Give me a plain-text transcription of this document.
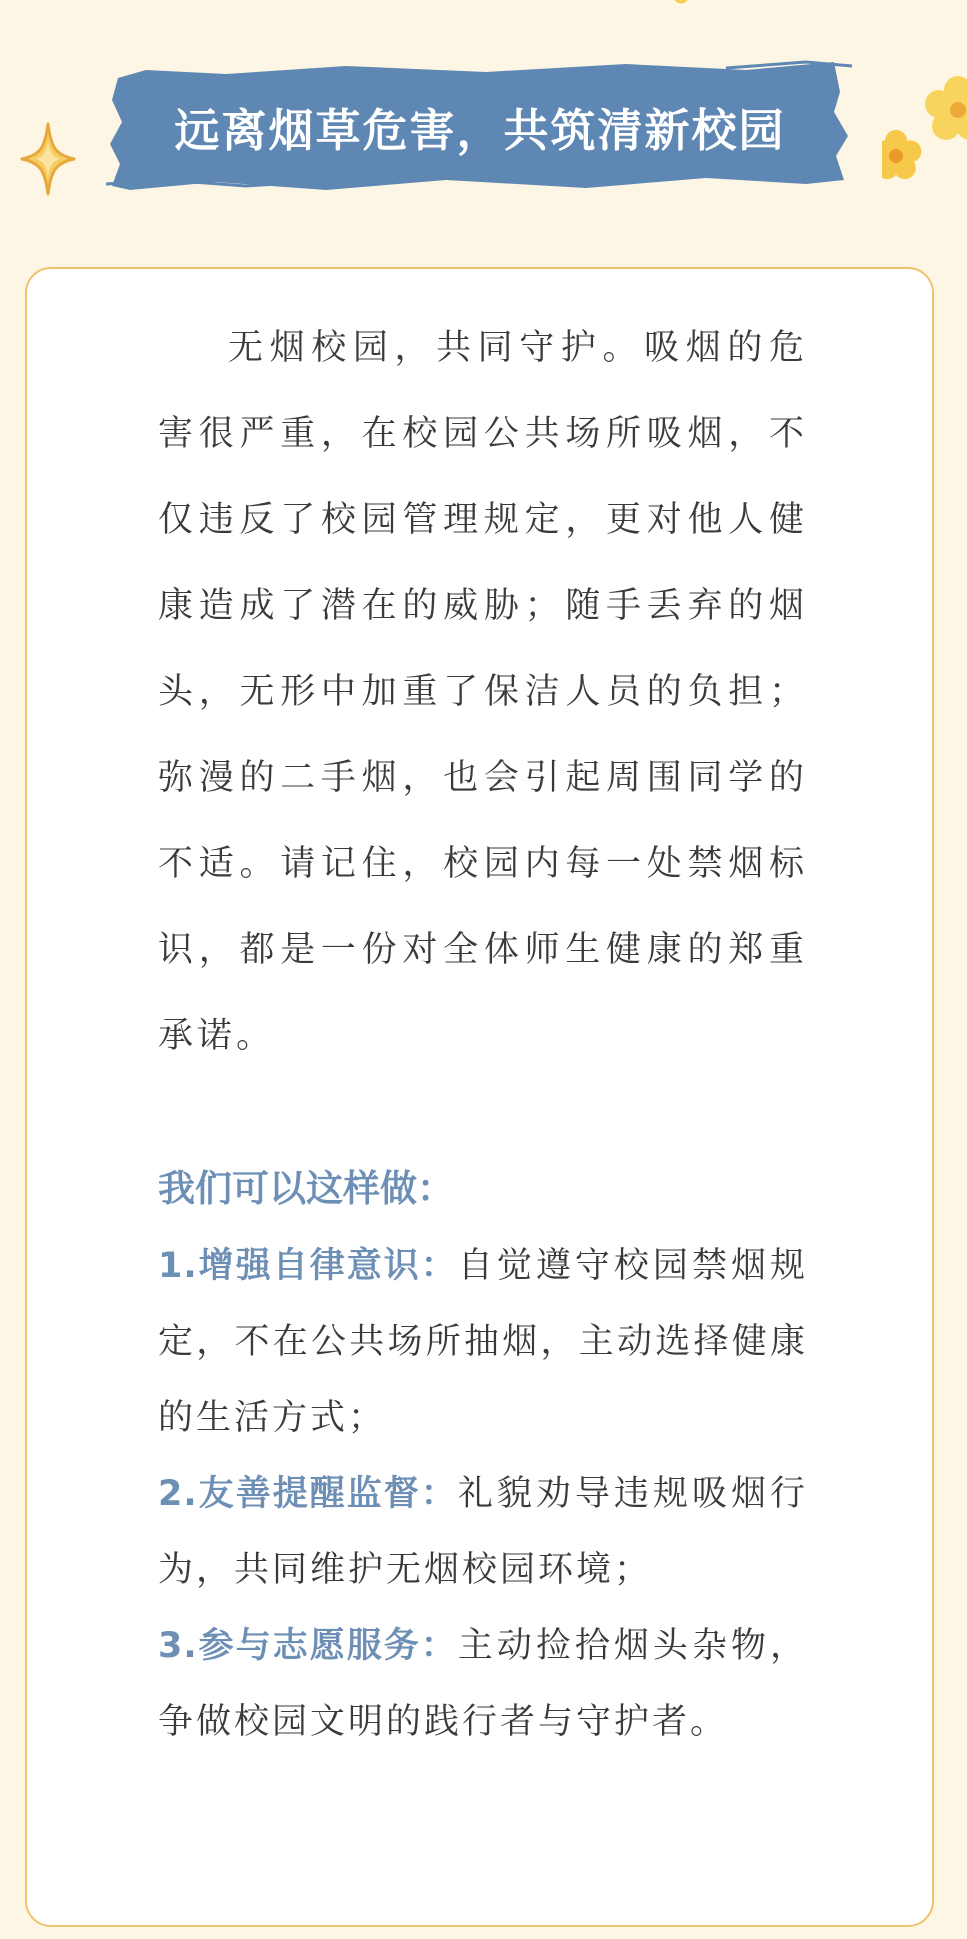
远离烟草危害，共筑清新校园

无烟校园，共同守护。吸烟的危害很严重，在校园公共场所吸烟，不仅违反了校园管理规定，更对他人健康造成了潜在的威胁；随手丢弃的烟头，无形中加重了保洁人员的负担；弥漫的二手烟，也会引起周围同学的不适。请记住，校园内每一处禁烟标识，都是一份对全体师生健康的郑重承诺。

我们可以这样做：

1.增强自律意识：自觉遵守校园禁烟规定，不在公共场所抽烟，主动选择健康的生活方式；

2.友善提醒监督：礼貌劝导违规吸烟行为，共同维护无烟校园环境；

3.参与志愿服务：主动捡拾烟头杂物，争做校园文明的践行者与守护者。
